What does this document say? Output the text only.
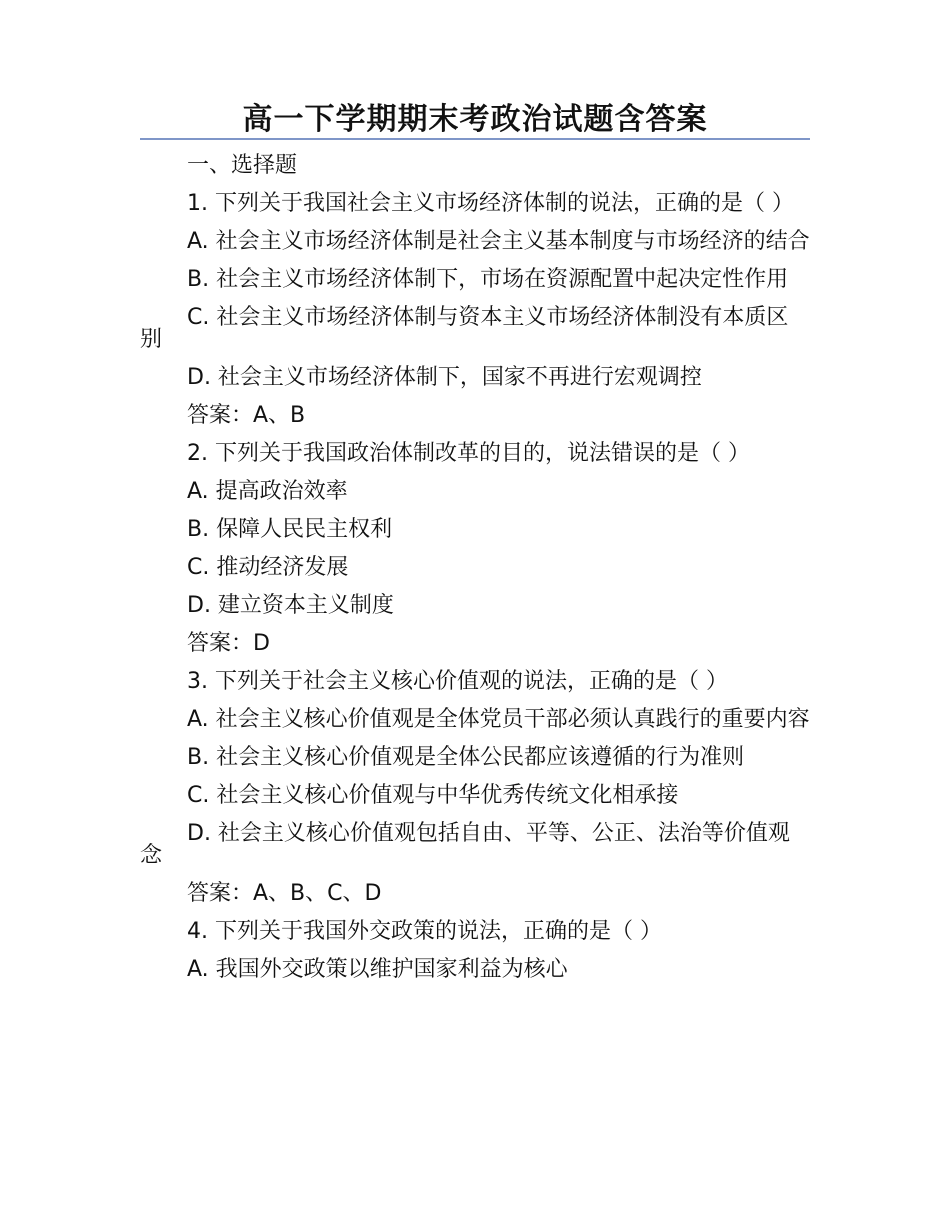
高一下学期期末考政治试题含答案

一、选择题

1. 下列关于我国社会主义市场经济体制的说法，正确的是（ ）

A. 社会主义市场经济体制是社会主义基本制度与市场经济的结合

B. 社会主义市场经济体制下，市场在资源配置中起决定性作用

C. 社会主义市场经济体制与资本主义市场经济体制没有本质区别

D. 社会主义市场经济体制下，国家不再进行宏观调控

答案：A、B

2. 下列关于我国政治体制改革的目的，说法错误的是（ ）

A. 提高政治效率

B. 保障人民民主权利

C. 推动经济发展

D. 建立资本主义制度

答案：D

3. 下列关于社会主义核心价值观的说法，正确的是（ ）

A. 社会主义核心价值观是全体党员干部必须认真践行的重要内容

B. 社会主义核心价值观是全体公民都应该遵循的行为准则

C. 社会主义核心价值观与中华优秀传统文化相承接

D. 社会主义核心价值观包括自由、平等、公正、法治等价值观念

答案：A、B、C、D

4. 下列关于我国外交政策的说法，正确的是（ ）

A. 我国外交政策以维护国家利益为核心
